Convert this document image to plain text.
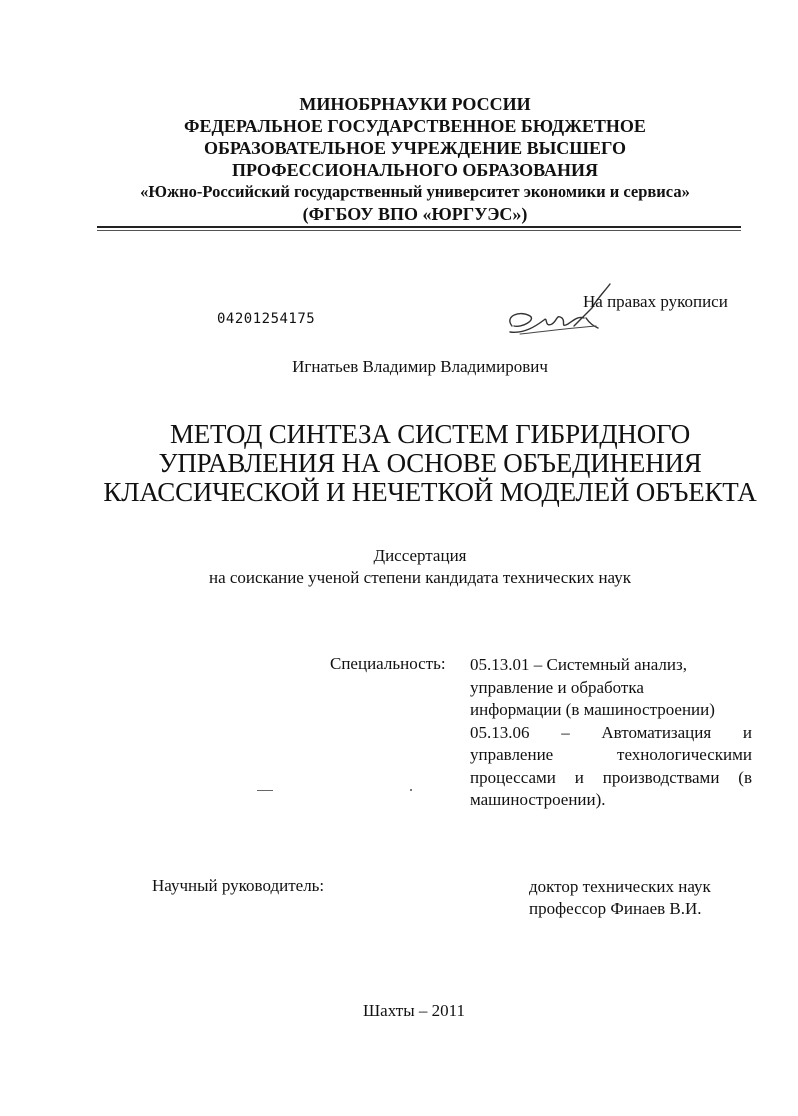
МИНОБРНАУКИ РОССИИ
ФЕДЕРАЛЬНОЕ ГОСУДАРСТВЕННОЕ БЮДЖЕТНОЕ
ОБРАЗОВАТЕЛЬНОЕ УЧРЕЖДЕНИЕ ВЫСШЕГО
ПРОФЕССИОНАЛЬНОГО ОБРАЗОВАНИЯ
«Южно-Российский государственный университет экономики и сервиса»
(ФГБОУ ВПО «ЮРГУЭС»)
04201254175
На правах рукописи
Игнатьев Владимир Владимирович
МЕТОД СИНТЕЗА СИСТЕМ ГИБРИДНОГО
УПРАВЛЕНИЯ НА ОСНОВЕ ОБЪЕДИНЕНИЯ
КЛАССИЧЕСКОЙ И НЕЧЕТКОЙ МОДЕЛЕЙ ОБЪЕКТА
Диссертация
на соискание ученой степени кандидата технических наук
Специальность: 05.13.01 – Системный анализ,
управление и обработка
информации (в машиностроении)
05.13.06 – Автоматизация и
управление технологическими
процессами и производствами (в
машиностроении).
Научный руководитель:	доктор технических наук
профессор Финаев В.И.
Шахты – 2011
